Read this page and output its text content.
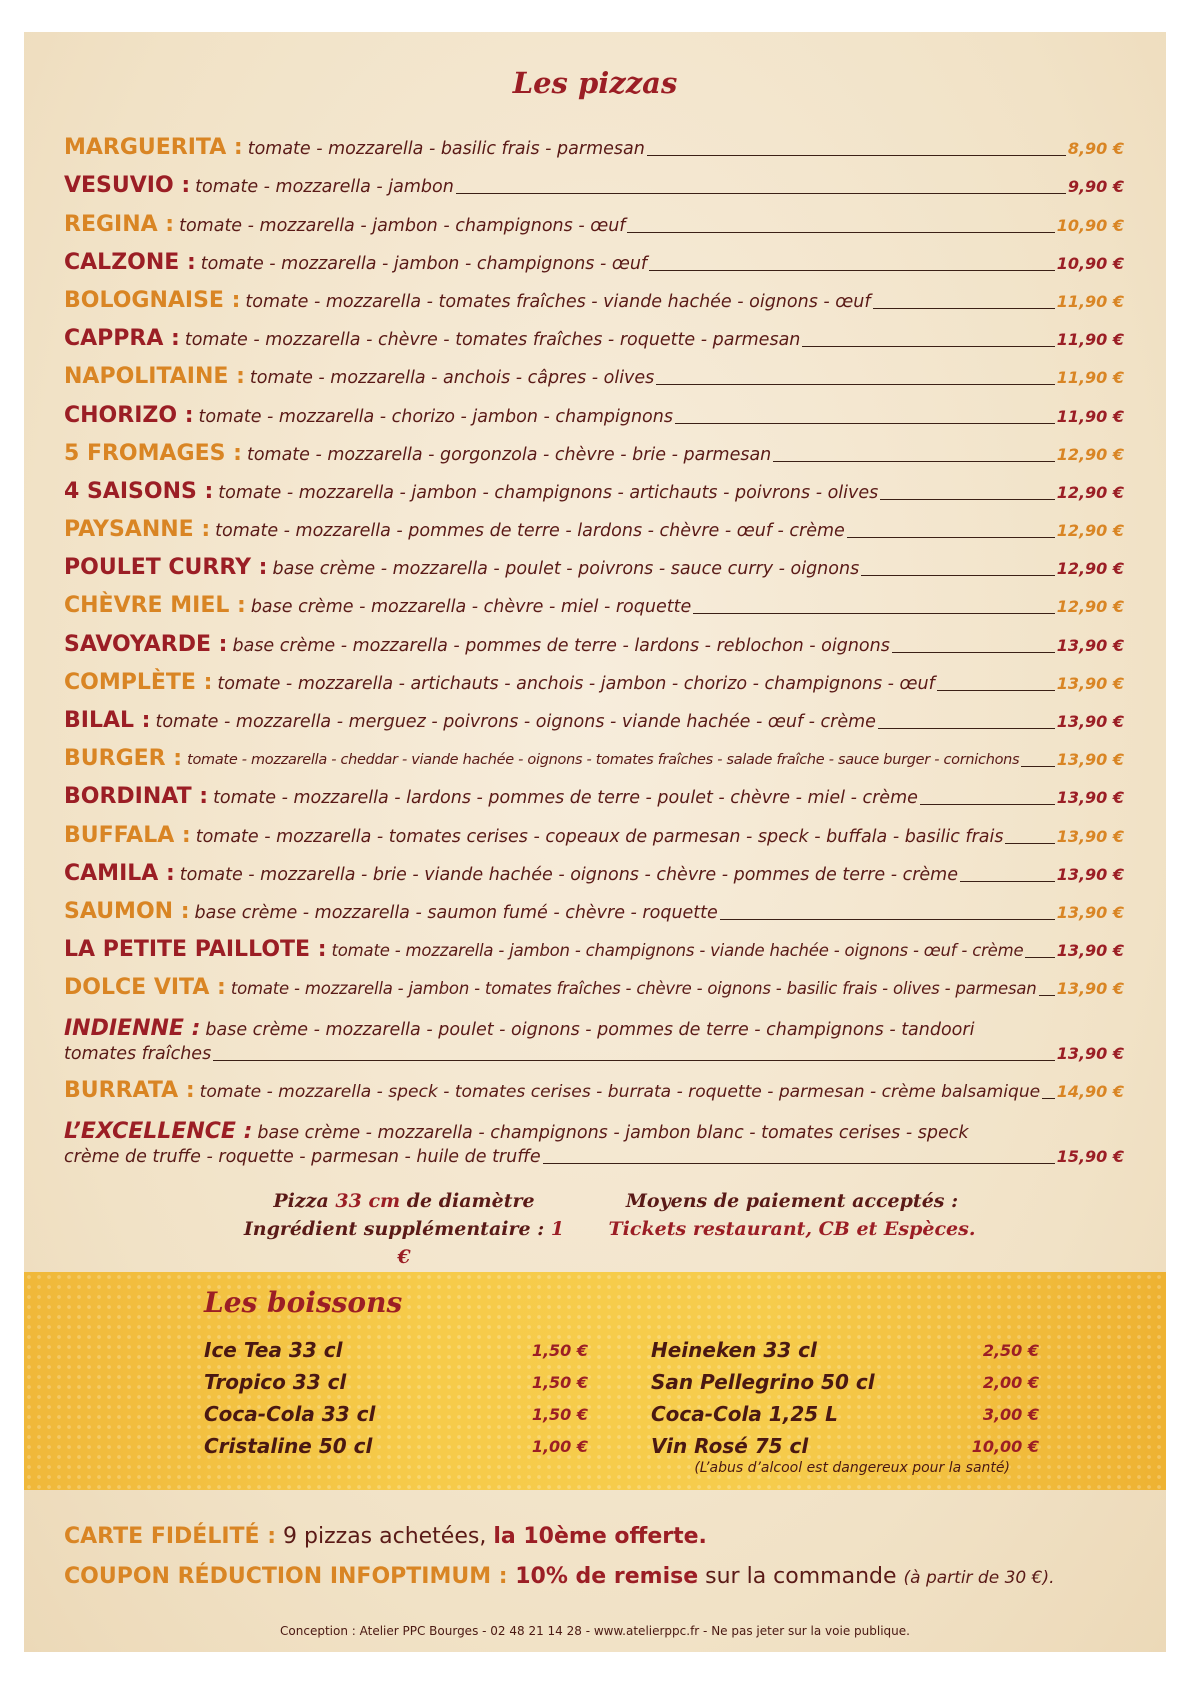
Les pizzas
MARGUERITA : tomate - mozzarella - basilic frais - parmesan	8,90 €
VESUVIO : tomate - mozzarella - jambon	9,90 €
REGINA : tomate - mozzarella - jambon - champignons - œuf	10,90 €
CALZONE : tomate - mozzarella - jambon - champignons - œuf	10,90 €
BOLOGNAISE : tomate - mozzarella - tomates fraîches - viande hachée - oignons - œuf	11,90 €
CAPPRA : tomate - mozzarella - chèvre - tomates fraîches - roquette - parmesan	11,90 €
NAPOLITAINE : tomate - mozzarella - anchois - câpres - olives	11,90 €
CHORIZO : tomate - mozzarella - chorizo - jambon - champignons	11,90 €
5 FROMAGES : tomate - mozzarella - gorgonzola - chèvre - brie - parmesan	12,90 €
4 SAISONS : tomate - mozzarella - jambon - champignons - artichauts - poivrons - olives	12,90 €
PAYSANNE : tomate - mozzarella - pommes de terre - lardons - chèvre - œuf - crème	12,90 €
POULET CURRY : base crème - mozzarella - poulet - poivrons - sauce curry - oignons	12,90 €
CHÈVRE MIEL : base crème - mozzarella - chèvre - miel - roquette	12,90 €
SAVOYARDE : base crème - mozzarella - pommes de terre - lardons - reblochon - oignons	13,90 €
COMPLÈTE : tomate - mozzarella - artichauts - anchois - jambon - chorizo - champignons - œuf	13,90 €
BILAL : tomate - mozzarella - merguez - poivrons - oignons - viande hachée - œuf - crème	13,90 €
BURGER : tomate - mozzarella - cheddar - viande hachée - oignons - tomates fraîches - salade fraîche - sauce burger - cornichons 13,90 €
BORDINAT : tomate - mozzarella - lardons - pommes de terre - poulet - chèvre - miel - crème	13,90 €
BUFFALA : tomate - mozzarella - tomates cerises - copeaux de parmesan - speck - buffala - basilic frais	13,90 €
CAMILA : tomate - mozzarella - brie - viande hachée - oignons - chèvre - pommes de terre - crème	13,90 €
SAUMON : base crème - mozzarella - saumon fumé - chèvre - roquette	13,90 €
LA PETITE PAILLOTE : tomate - mozzarella - jambon - champignons - viande hachée - oignons - œuf - crème 13,90 €
DOLCE VITA : tomate - mozzarella - jambon - tomates fraîches - chèvre - oignons - basilic frais - olives - parmesan 13,90 €
INDIENNE : base crème - mozzarella - poulet - oignons - pommes de terre - champignons - tandoori
tomates fraîches	13,90 €
BURRATA : tomate - mozzarella - speck - tomates cerises - burrata - roquette - parmesan - crème balsamique 14,90 €
L’EXCELLENCE : base crème - mozzarella - champignons - jambon blanc - tomates cerises - speck
crème de truffe - roquette - parmesan - huile de truffe	15,90 €
Pizza 33 cm de diamètre
Ingrédient supplémentaire : 1 €
Moyens de paiement acceptés :
Tickets restaurant, CB et Espèces.
Les boissons
Ice Tea 33 cl	1,50 €
Tropico 33 cl	1,50 €
Coca-Cola 33 cl	1,50 €
Cristaline 50 cl	1,00 €
Heineken 33 cl	2,50 €
San Pellegrino 50 cl	2,00 €
Coca-Cola 1,25 L	3,00 €
Vin Rosé 75 cl	10,00 €
(L’abus d’alcool est dangereux pour la santé)
CARTE FIDÉLITÉ : 9 pizzas achetées, la 10ème offerte.
COUPON RÉDUCTION INFOPTIMUM : 10% de remise sur la commande (à partir de 30 €).
Conception : Atelier PPC Bourges - 02 48 21 14 28 - www.atelierppc.fr - Ne pas jeter sur la voie publique.
